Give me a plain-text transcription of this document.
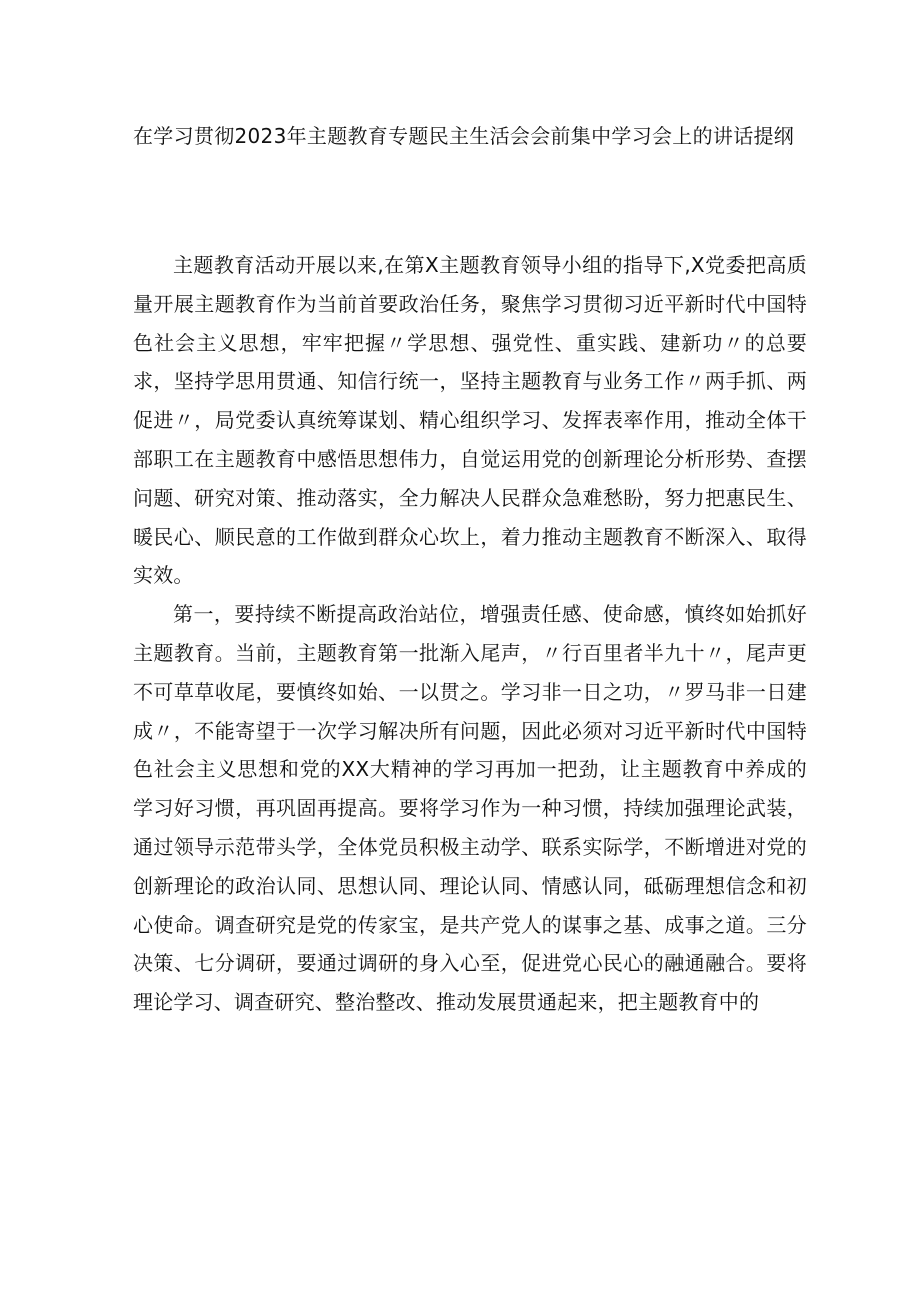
在学习贯彻2023年主题教育专题民主生活会会前集中学习会上的讲话提纲

主题教育活动开展以来,在第X主题教育领导小组的指导下,X党委把高质量开展主题教育作为当前首要政治任务，聚焦学习贯彻习近平新时代中国特色社会主义思想，牢牢把握〃学思想、强党性、重实践、建新功〃的总要求，坚持学思用贯通、知信行统一，坚持主题教育与业务工作〃两手抓、两促进〃，局党委认真统筹谋划、精心组织学习、发挥表率作用，推动全体干部职工在主题教育中感悟思想伟力，自觉运用党的创新理论分析形势、查摆问题、研究对策、推动落实，全力解决人民群众急难愁盼，努力把惠民生、暖民心、顺民意的工作做到群众心坎上，着力推动主题教育不断深入、取得实效。

第一，要持续不断提高政治站位，增强责任感、使命感，慎终如始抓好主题教育。当前，主题教育第一批渐入尾声，〃行百里者半九十〃，尾声更不可草草收尾，要慎终如始、一以贯之。学习非一日之功，〃罗马非一日建成〃，不能寄望于一次学习解决所有问题，因此必须对习近平新时代中国特色社会主义思想和党的XX大精神的学习再加一把劲，让主题教育中养成的学习好习惯，再巩固再提高。要将学习作为一种习惯，持续加强理论武装，通过领导示范带头学，全体党员积极主动学、联系实际学，不断增进对党的创新理论的政治认同、思想认同、理论认同、情感认同，砥砺理想信念和初心使命。调查研究是党的传家宝，是共产党人的谋事之基、成事之道。三分决策、七分调研，要通过调研的身入心至，促进党心民心的融通融合。要将理论学习、调查研究、整治整改、推动发展贯通起来，把主题教育中的
